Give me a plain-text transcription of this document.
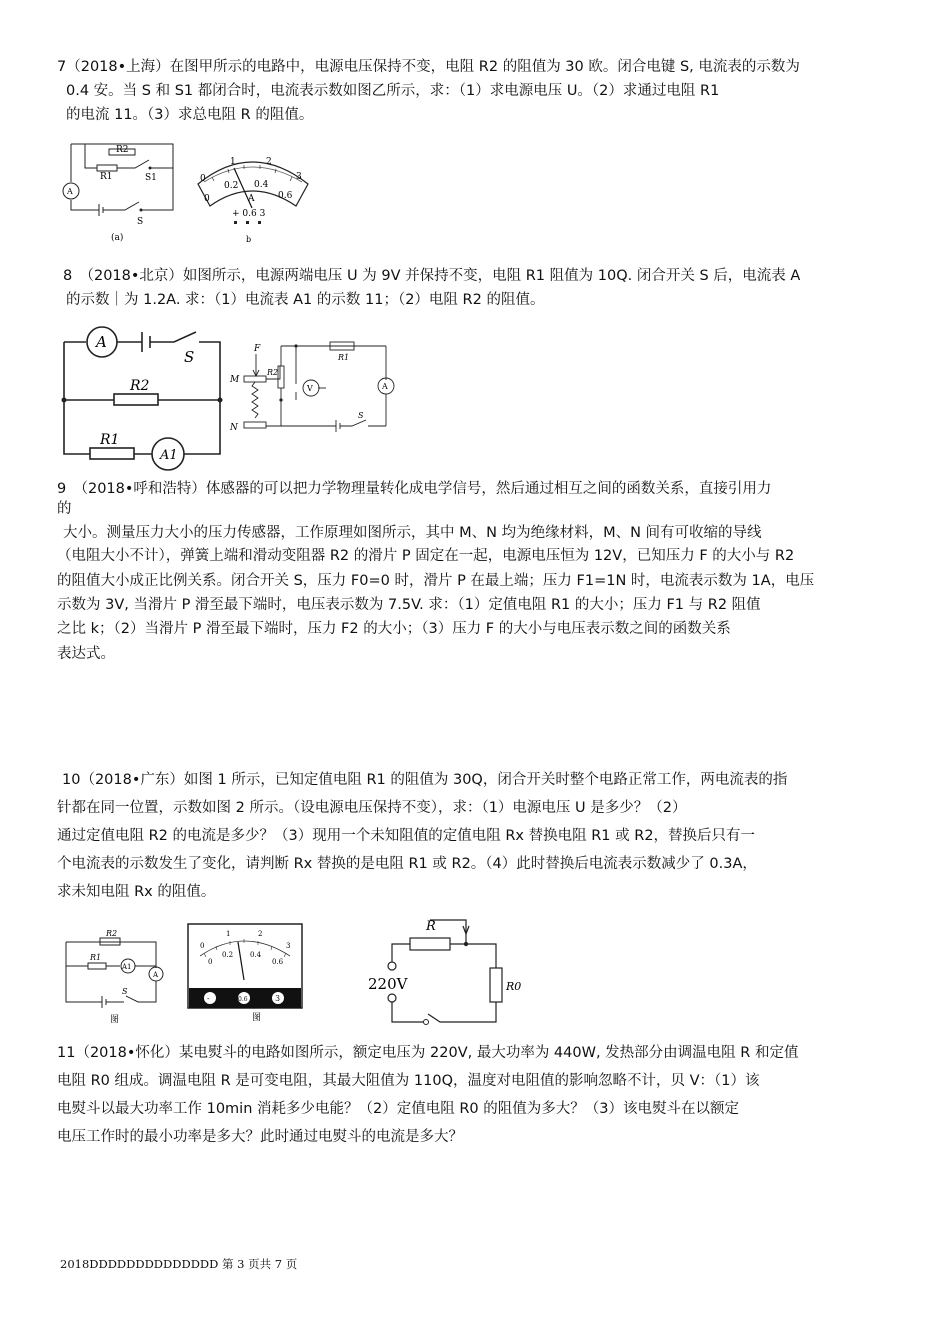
7（2018•上海）在图甲所示的电路中，电源电压保持不变，电阻 R2 的阻值为 30 欧。闭合电键 S, 电流表的示数为
0.4 安。当 S 和 S1 都闭合时，电流表示数如图乙所示，求：（1）求电源电压 U。（2）求通过电阻 R1
的电流 11。（3）求总电阻 R 的阻值。
R2
R1	S1
A
S
(a)
0
1	2
3
0
0.2 0.4
0.6
A
+ 0.6 3
b
8　（2018•北京）如图所示，电源两端电压 U 为 9V 并保持不变，电阻 R1 阻值为 10Q. 闭合开关 S 后，电流表 A
的示数｜为 1.2A. 求：（1）电流表 A1 的示数 11；（2）电阻 R2 的阻值。
A
S
R2
R1
A1
F
M
N
R2
R1
V	A
S
9　（2018•呼和浩特）体感器的可以把力学物理量转化成电学信号，然后通过相互之间的函数关系，直接引用力
的
大小。测量压力大小的压力传感器，工作原理如图所示，其中 M、N 均为绝缘材料，M、N 间有可收缩的导线
（电阻大小不计），弹簧上端和滑动变阻器 R2 的滑片 P 固定在一起，电源电压恒为 12V，已知压力 F 的大小与 R2
的阻值大小成正比例关系。闭合开关 S，压力 F0=0 时，滑片 P 在最上端；压力 F1=1N 时，电流表示数为 1A，电压
示数为 3V, 当滑片 P 滑至最下端时，电压表示数为 7.5V. 求：（1）定值电阻 R1 的大小；压力 F1 与 R2 阻值
之比 k；（2）当滑片 P 滑至最下端时，压力 F2 的大小；（3）压力 F 的大小与电压表示数之间的函数关系
表达式。
10（2018•广东）如图 1 所示，已知定值电阻 R1 的阻值为 30Q，闭合开关时整个电路正常工作，两电流表的指
针都在同一位置，示数如图 2 所示。（设电源电压保持不变），求：（1）电源电压 U 是多少？（2）
通过定值电阻 R2 的电流是多少？（3）现用一个未知阻值的定值电阻 Rx 替换电阻 R1 或 R2，替换后只有一
个电流表的示数发生了变化，请判断 Rx 替换的是电阻 R1 或 R2。（4）此时替换后电流表示数减少了 0.3A，
求未知电阻 Rx 的阻值。
R2
R1
A1
A
S
图
0
1	2
3
0
0.2 0.4
0.6
-	0.6	3
图
R
R0
220V
11（2018•怀化）某电熨斗的电路如图所示，额定电压为 220V, 最大功率为 440W, 发热部分由调温电阻 R 和定值
电阻 R0 组成。调温电阻 R 是可变电阻，其最大阻值为 110Q，温度对电阻值的影响忽略不计，贝 V：（1）该
电熨斗以最大功率工作 10min 消耗多少电能？（2）定值电阻 R0 的阻值为多大？（3）该电熨斗在以额定
电压工作时的最小功率是多大？此时通过电熨斗的电流是多大？
2018DDDDDDDDDDDDDD 第 3 页共 7 页
